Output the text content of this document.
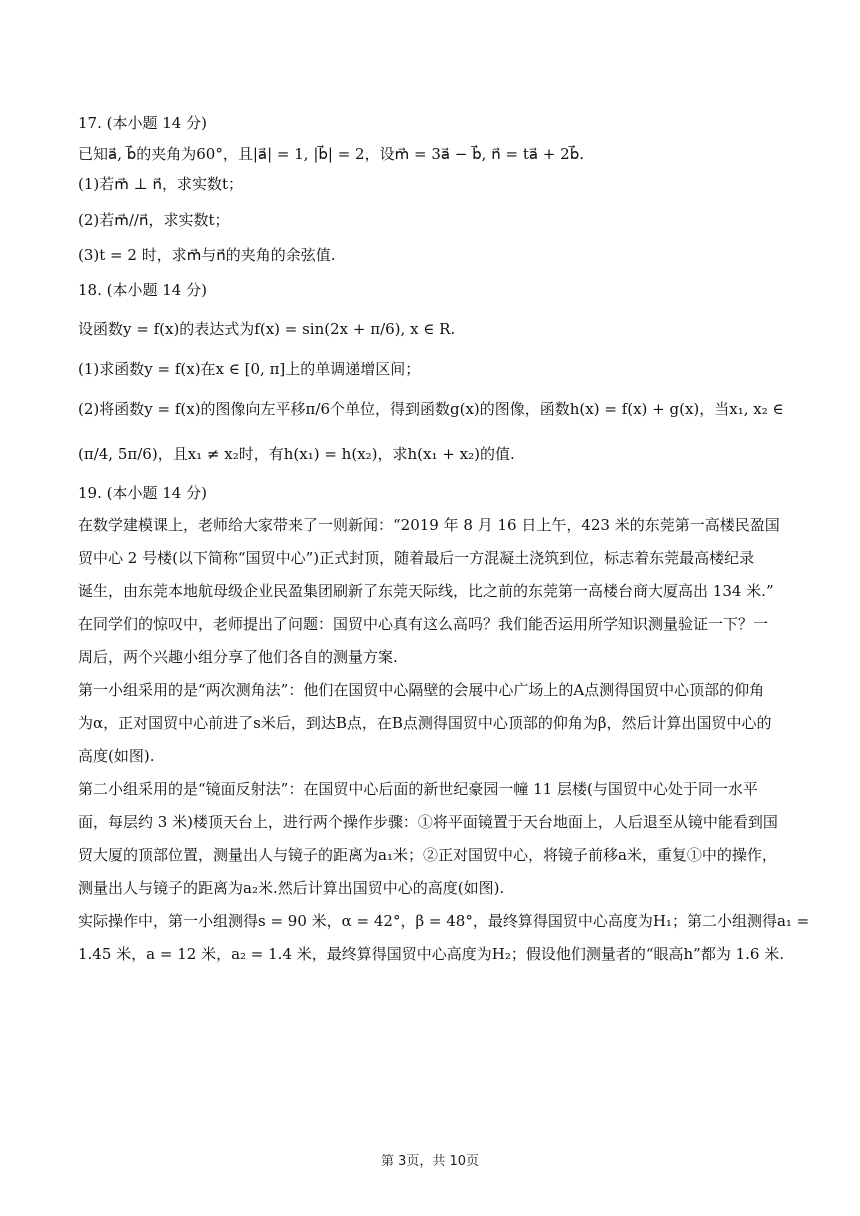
17. (本小题 14 分)
已知a⃗, b⃗的夹角为60°，且|a⃗| = 1, |b⃗| = 2，设m⃗ = 3a⃗ − b⃗, n⃗ = ta⃗ + 2b⃗.
(1)若m⃗ ⊥ n⃗，求实数t；
(2)若m⃗//n⃗，求实数t；
(3)t = 2 时，求m⃗与n⃗的夹角的余弦值.
18. (本小题 14 分)
设函数y = f(x)的表达式为f(x) = sin(2x + π/6), x ∈ R.
(1)求函数y = f(x)在x ∈ [0, π]上的单调递增区间；
(2)将函数y = f(x)的图像向左平移π/6个单位，得到函数g(x)的图像，函数h(x) = f(x) + g(x)，当x₁, x₂ ∈
(π/4, 5π/6)，且x₁ ≠ x₂时，有h(x₁) = h(x₂)，求h(x₁ + x₂)的值.
19. (本小题 14 分)
在数学建模课上，老师给大家带来了一则新闻：“2019 年 8 月 16 日上午，423 米的东莞第一高楼民盈国
贸中心 2 号楼(以下简称“国贸中心”)正式封顶，随着最后一方混凝土浇筑到位，标志着东莞最高楼纪录
诞生，由东莞本地航母级企业民盈集团刷新了东莞天际线，比之前的东莞第一高楼台商大厦高出 134 米.”
在同学们的惊叹中，老师提出了问题：国贸中心真有这么高吗？我们能否运用所学知识测量验证一下？一
周后，两个兴趣小组分享了他们各自的测量方案.
第一小组采用的是“两次测角法”：他们在国贸中心隔壁的会展中心广场上的A点测得国贸中心顶部的仰角
为α，正对国贸中心前进了s米后，到达B点，在B点测得国贸中心顶部的仰角为β，然后计算出国贸中心的
高度(如图).
第二小组采用的是“镜面反射法”：在国贸中心后面的新世纪豪园一幢 11 层楼(与国贸中心处于同一水平
面，每层约 3 米)楼顶天台上，进行两个操作步骤：①将平面镜置于天台地面上，人后退至从镜中能看到国
贸大厦的顶部位置，测量出人与镜子的距离为a₁米；②正对国贸中心，将镜子前移a米，重复①中的操作，
测量出人与镜子的距离为a₂米.然后计算出国贸中心的高度(如图).
实际操作中，第一小组测得s = 90 米，α = 42°，β = 48°，最终算得国贸中心高度为H₁；第二小组测得a₁ =
1.45 米，a = 12 米，a₂ = 1.4 米，最终算得国贸中心高度为H₂；假设他们测量者的“眼高h”都为 1.6 米.
第 3页，共 10页
